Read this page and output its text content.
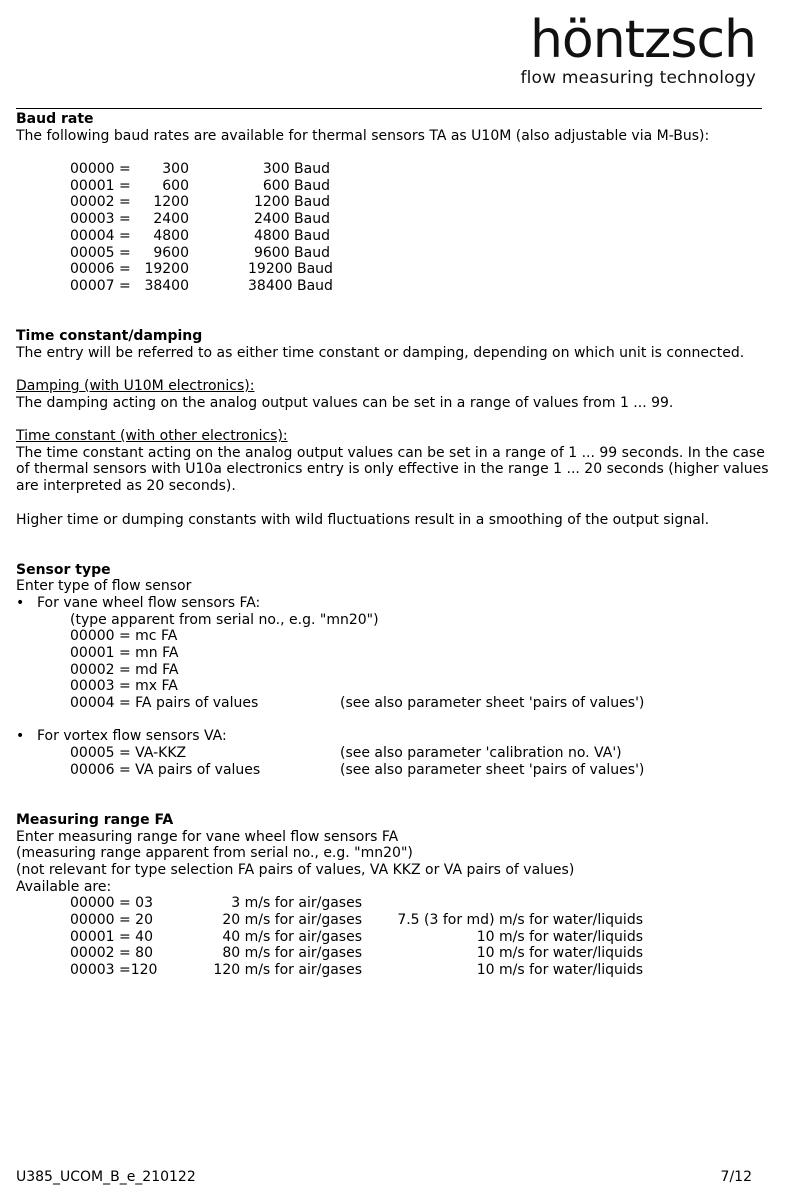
höntzsch
flow measuring technology
Baud rate
The following baud rates are available for thermal sensors TA as U10M (also adjustable via M-Bus):
00000 =	300	300 Baud
00001 =	600	600 Baud
00002 =	1200	1200 Baud
00003 =	2400	2400 Baud
00004 =	4800	4800 Baud
00005 =	9600	9600 Baud
00006 = 19200	19200 Baud
00007 = 38400	38400 Baud
Time constant/damping
The entry will be referred to as either time constant or damping, depending on which unit is connected.
Damping (with U10M electronics):
The damping acting on the analog output values can be set in a range of values from 1 ... 99.
Time constant (with other electronics):
The time constant acting on the analog output values can be set in a range of 1 ... 99 seconds. In the case
of thermal sensors with U10a electronics entry is only effective in the range 1 ... 20 seconds (higher values
are interpreted as 20 seconds).
Higher time or dumping constants with wild fluctuations result in a smoothing of the output signal.
Sensor type
Enter type of flow sensor
• For vane wheel flow sensors FA:
(type apparent from serial no., e.g. "mn20")
00000 = mc FA
00001 = mn FA
00002 = md FA
00003 = mx FA
00004 = FA pairs of values	(see also parameter sheet 'pairs of values')
• For vortex flow sensors VA:
00005 = VA-KKZ	(see also parameter 'calibration no. VA')
00006 = VA pairs of values	(see also parameter sheet 'pairs of values')
Measuring range FA
Enter measuring range for vane wheel flow sensors FA
(measuring range apparent from serial no., e.g. "mn20")
(not relevant for type selection FA pairs of values, VA KKZ or VA pairs of values)
Available are:
00000 = 03	3 m/s for air/gases
00000 = 20	20 m/s for air/gases	7.5 (3 for md) m/s for water/liquids
00001 = 40	40 m/s for air/gases	10 m/s for water/liquids
00002 = 80	80 m/s for air/gases	10 m/s for water/liquids
00003 =120	120 m/s for air/gases	10 m/s for water/liquids
U385_UCOM_B_e_210122	7/12
